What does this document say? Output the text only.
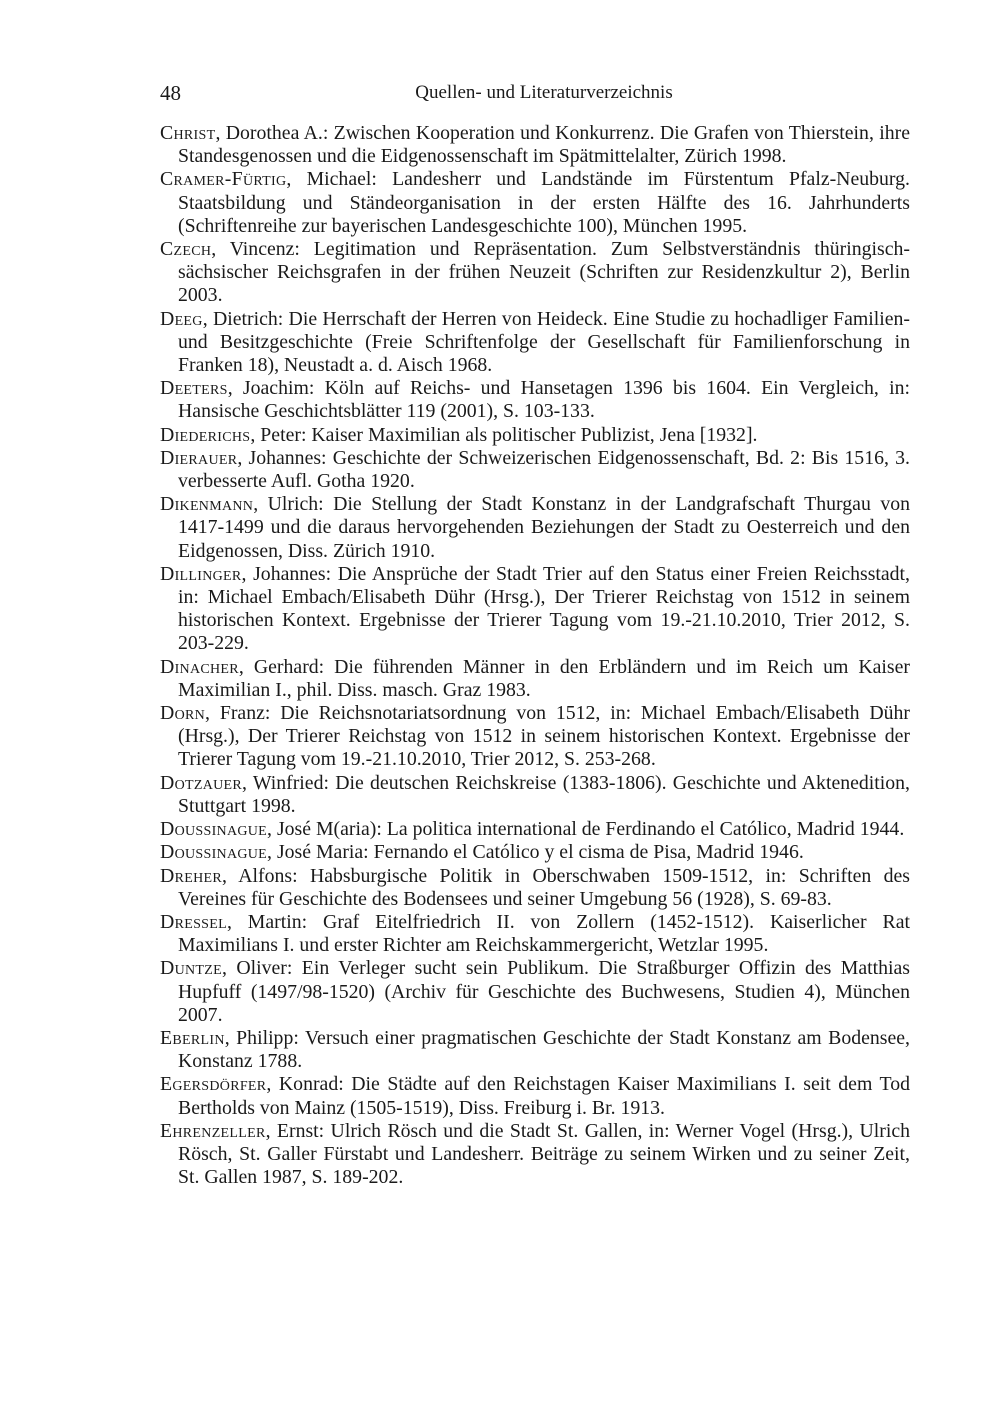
48	Quellen- und Literaturverzeichnis
Christ, Dorothea A.: Zwischen Kooperation und Konkurrenz. Die Grafen von Thierstein, ihre Standesgenossen und die Eidgenossenschaft im Spätmittelalter, Zürich 1998.
Cramer-Fürtig, Michael: Landesherr und Landstände im Fürstentum Pfalz-Neuburg. Staatsbildung und Ständeorganisation in der ersten Hälfte des 16. Jahrhunderts (Schriftenreihe zur bayerischen Landesgeschichte 100), München 1995.
Czech, Vincenz: Legitimation und Repräsentation. Zum Selbstverständnis thüringisch-sächsischer Reichsgrafen in der frühen Neuzeit (Schriften zur Residenzkultur 2), Berlin 2003.
Deeg, Dietrich: Die Herrschaft der Herren von Heideck. Eine Studie zu hochadliger Familien- und Besitzgeschichte (Freie Schriftenfolge der Gesellschaft für Familienforschung in Franken 18), Neustadt a. d. Aisch 1968.
Deeters, Joachim: Köln auf Reichs- und Hansetagen 1396 bis 1604. Ein Vergleich, in: Hansische Geschichtsblätter 119 (2001), S. 103-133.
Diederichs, Peter: Kaiser Maximilian als politischer Publizist, Jena [1932].
Dierauer, Johannes: Geschichte der Schweizerischen Eidgenossenschaft, Bd. 2: Bis 1516, 3. verbesserte Aufl. Gotha 1920.
Dikenmann, Ulrich: Die Stellung der Stadt Konstanz in der Landgrafschaft Thurgau von 1417-1499 und die daraus hervorgehenden Beziehungen der Stadt zu Oesterreich und den Eidgenossen, Diss. Zürich 1910.
Dillinger, Johannes: Die Ansprüche der Stadt Trier auf den Status einer Freien Reichsstadt, in: Michael Embach/Elisabeth Dühr (Hrsg.), Der Trierer Reichstag von 1512 in seinem historischen Kontext. Ergebnisse der Trierer Tagung vom 19.-21.10.2010, Trier 2012, S. 203-229.
Dinacher, Gerhard: Die führenden Männer in den Erbländern und im Reich um Kaiser Maximilian I., phil. Diss. masch. Graz 1983.
Dorn, Franz: Die Reichsnotariatsordnung von 1512, in: Michael Embach/Elisabeth Dühr (Hrsg.), Der Trierer Reichstag von 1512 in seinem historischen Kontext. Ergebnisse der Trierer Tagung vom 19.-21.10.2010, Trier 2012, S. 253-268.
Dotzauer, Winfried: Die deutschen Reichskreise (1383-1806). Geschichte und Aktenedition, Stuttgart 1998.
Doussinague, José M(aria): La politica international de Ferdinando el Católico, Madrid 1944.
Doussinague, José Maria: Fernando el Católico y el cisma de Pisa, Madrid 1946.
Dreher, Alfons: Habsburgische Politik in Oberschwaben 1509-1512, in: Schriften des Vereines für Geschichte des Bodensees und seiner Umgebung 56 (1928), S. 69-83.
Dressel, Martin: Graf Eitelfriedrich II. von Zollern (1452-1512). Kaiserlicher Rat Maximilians I. und erster Richter am Reichskammergericht, Wetzlar 1995.
Duntze, Oliver: Ein Verleger sucht sein Publikum. Die Straßburger Offizin des Matthias Hupfuff (1497/98-1520) (Archiv für Geschichte des Buchwesens, Studien 4), München 2007.
Eberlin, Philipp: Versuch einer pragmatischen Geschichte der Stadt Konstanz am Bodensee, Konstanz 1788.
Egersdörfer, Konrad: Die Städte auf den Reichstagen Kaiser Maximilians I. seit dem Tod Bertholds von Mainz (1505-1519), Diss. Freiburg i. Br. 1913.
Ehrenzeller, Ernst: Ulrich Rösch und die Stadt St. Gallen, in: Werner Vogel (Hrsg.), Ulrich Rösch, St. Galler Fürstabt und Landesherr. Beiträge zu seinem Wirken und zu seiner Zeit, St. Gallen 1987, S. 189-202.
